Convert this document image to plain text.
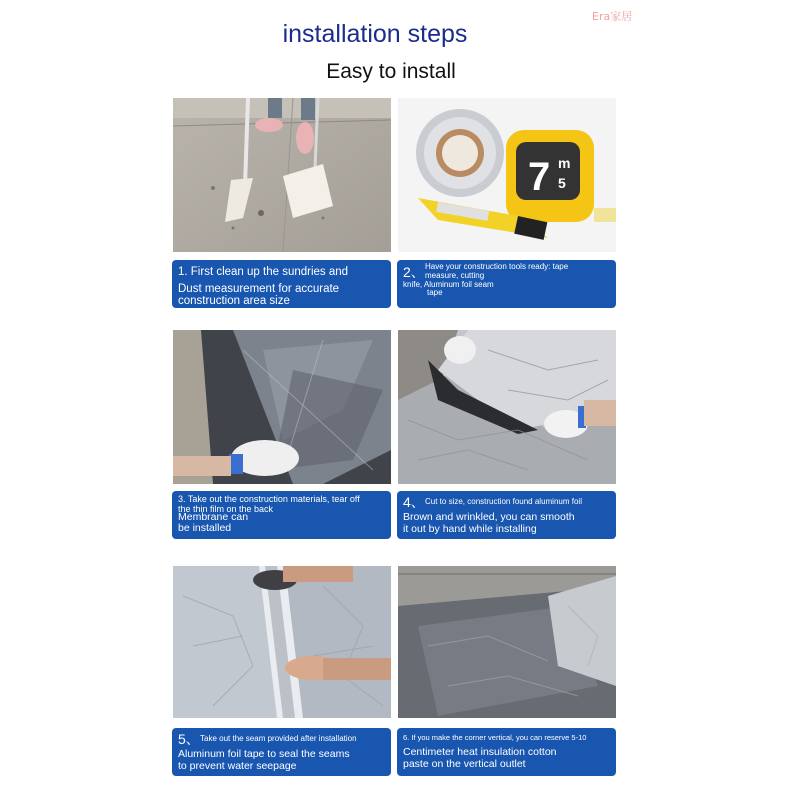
Era家居
installation steps
Easy to install
7 m
5
1. First clean up the sundries and
Dust measurement for accurate
construction area size
2、 Have your construction tools ready: tape
measure, cutting
knife, Aluminum foil seam
tape
3. Take out the construction materials, tear off
the thin film on the back
Membrane can
be installed
4、 Cut to size, construction found aluminum foil
Brown and wrinkled, you can smooth
it out by hand while installing
5、 Take out the seam provided after installation
Aluminum foil tape to seal the seams
to prevent water seepage
6. If you make the corner vertical, you can reserve 5-10
Centimeter heat insulation cotton
paste on the vertical outlet
